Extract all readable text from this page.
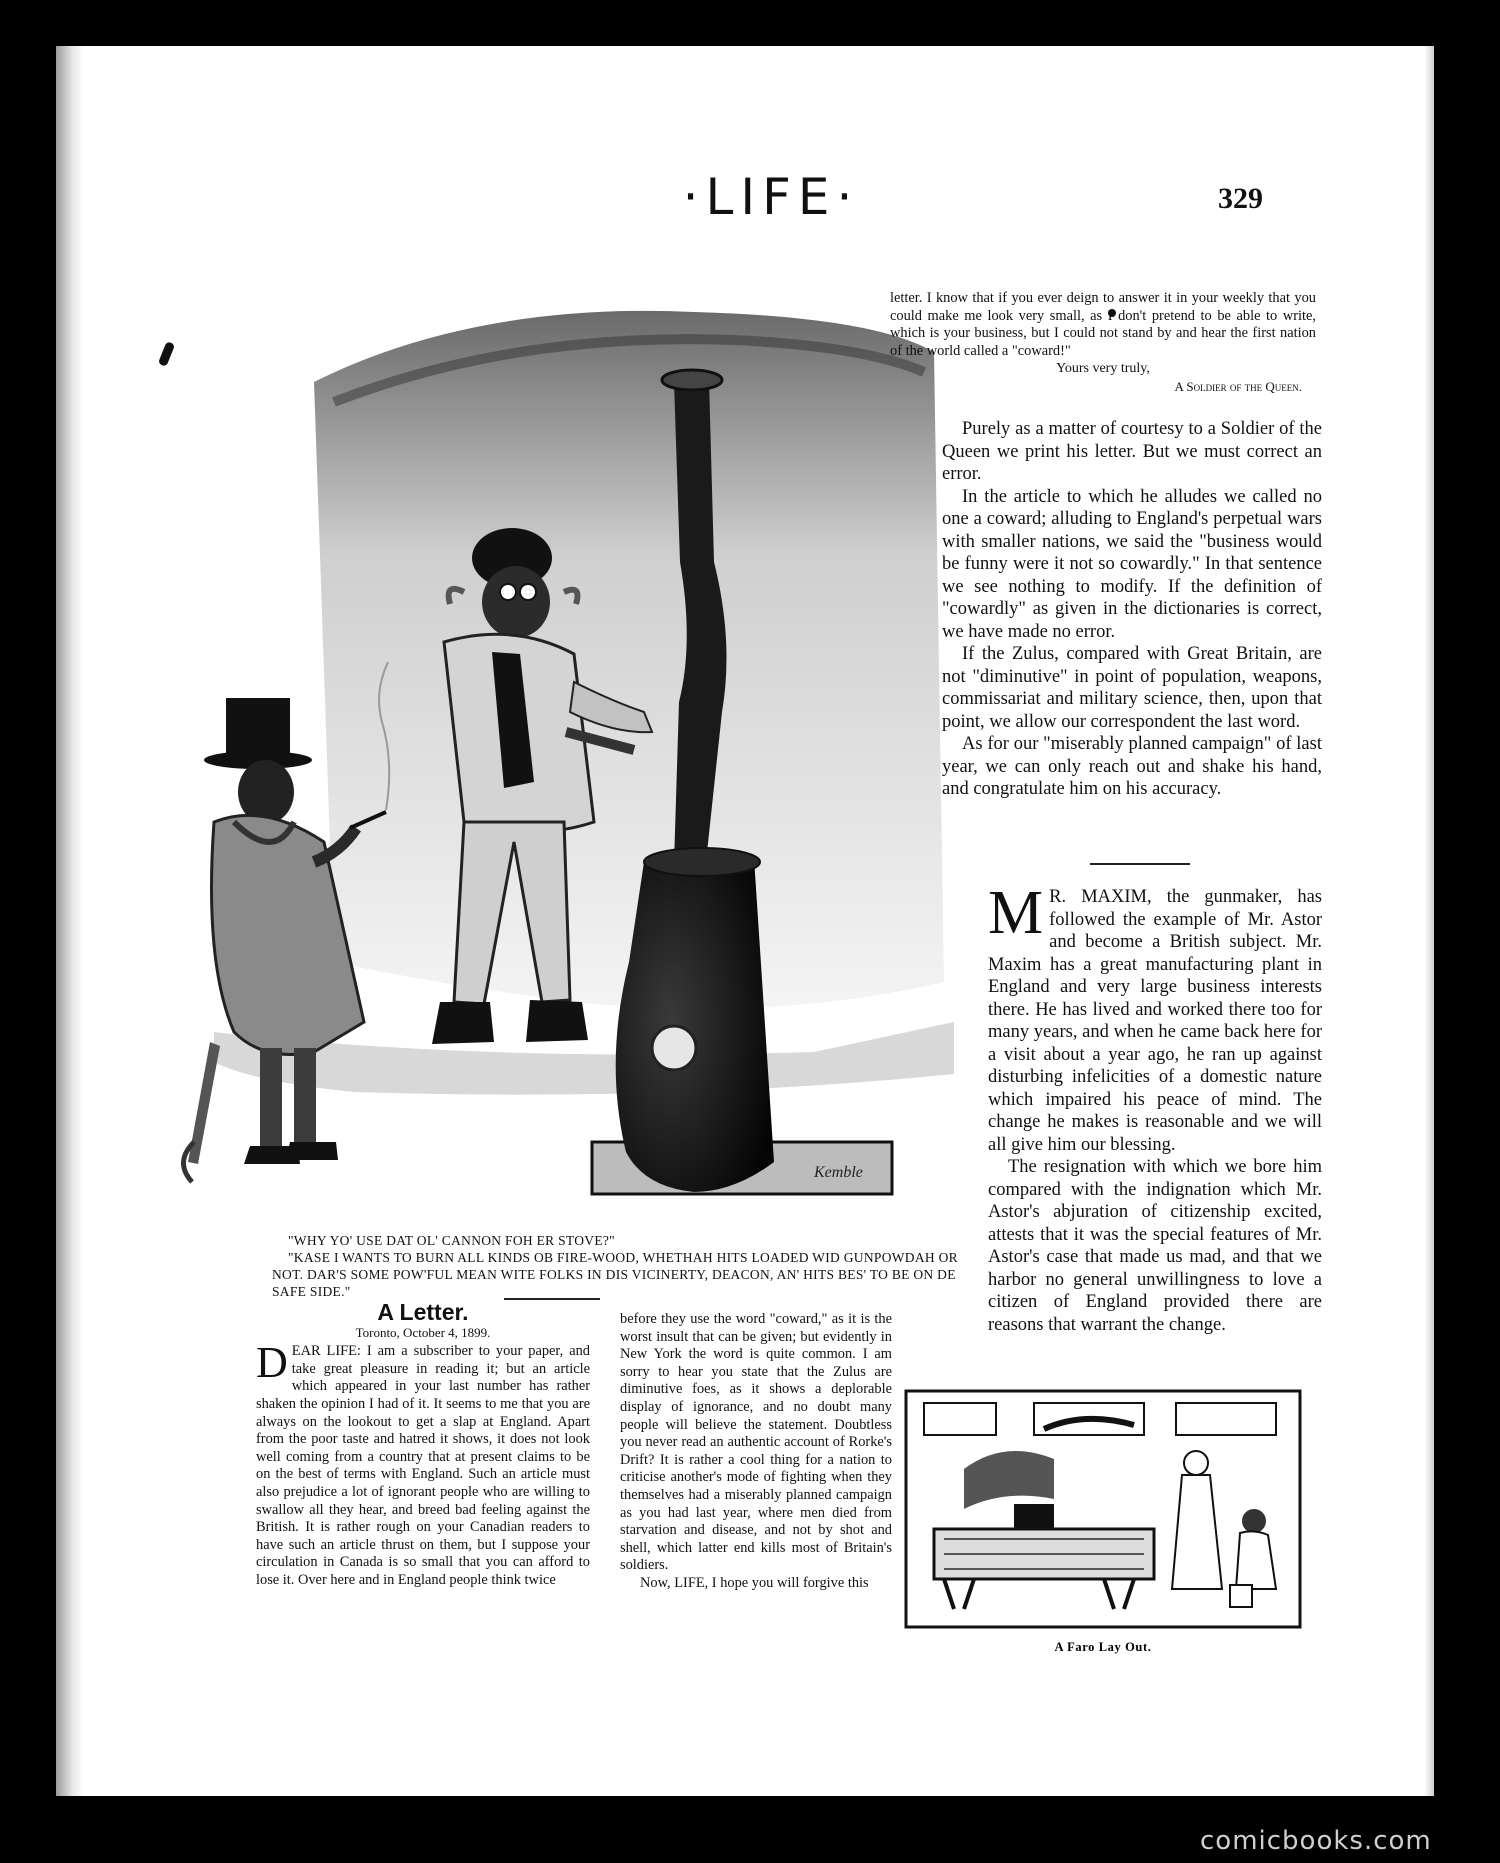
·LIFE·	329
Kemble
"WHY YO' USE DAT OL' CANNON FOH ER STOVE?"
"KASE I WANTS TO BURN ALL KINDS OB FIRE-WOOD, WHETHAH HITS LOADED WID GUNPOWDAH OR NOT. DAR'S SOME POW'FUL MEAN WITE FOLKS IN DIS VICINERTY, DEACON, AN' HITS BES' TO BE ON DE SAFE SIDE."
A Letter.
Toronto, October 4, 1899.

DEAR LIFE: I am a subscriber to your paper, and take great pleasure in reading it; but an article which appeared in your last number has rather shaken the opinion I had of it. It seems to me that you are always on the lookout to get a slap at England. Apart from the poor taste and hatred it shows, it does not look well coming from a country that at present claims to be on the best of terms with England. Such an article must also prejudice a lot of ignorant people who are willing to swallow all they hear, and breed bad feeling against the British. It is rather rough on your Canadian readers to have such an article thrust on them, but I suppose your circulation in Canada is so small that you can afford to lose it. Over here and in England people think twice

before they use the word "coward," as it is the worst insult that can be given; but evidently in New York the word is quite common. I am sorry to hear you state that the Zulus are diminutive foes, as it shows a deplorable display of ignorance, and no doubt many people will believe the statement. Doubtless you never read an authentic account of Rorke's Drift? It is rather a cool thing for a nation to criticise another's mode of fighting when they themselves had a miserably planned campaign as you had last year, where men died from starvation and disease, and not by shot and shell, which latter end kills most of Britain's soldiers.

Now, LIFE, I hope you will forgive this

letter. I know that if you ever deign to answer it in your weekly that you could make me look very small, as I don't pretend to be able to write, which is your business, but I could not stand by and hear the first nation of the world called a "coward!"

Yours very truly,
A Soldier of the Queen.

Purely as a matter of courtesy to a Soldier of the Queen we print his letter. But we must correct an error.

In the article to which he alludes we called no one a coward; alluding to England's perpetual wars with smaller nations, we said the "business would be funny were it not so cowardly." In that sentence we see nothing to modify. If the definition of "cowardly" as given in the dictionaries is correct, we have made no error.

If the Zulus, compared with Great Britain, are not "diminutive" in point of population, weapons, commissariat and military science, then, upon that point, we allow our correspondent the last word.

As for our "miserably planned campaign" of last year, we can only reach out and shake his hand, and congratulate him on his accuracy.

M R. MAXIM, the gunmaker, has followed the example of Mr. Astor and become a British subject. Mr. Maxim has a great manufacturing plant in England and very large business interests there. He has lived and worked there too for many years, and when he came back here for a visit about a year ago, he ran up against disturbing infelicities of a domestic nature which impaired his peace of mind. The change he makes is reasonable and we will all give him our blessing.

The resignation with which we bore him compared with the indignation which Mr. Astor's abjuration of citizenship excited, attests that it was the special features of Mr. Astor's case that made us mad, and that we harbor no general unwillingness to love a citizen of England provided there are reasons that warrant the change.

A Faro Lay Out.
comicbooks.com
